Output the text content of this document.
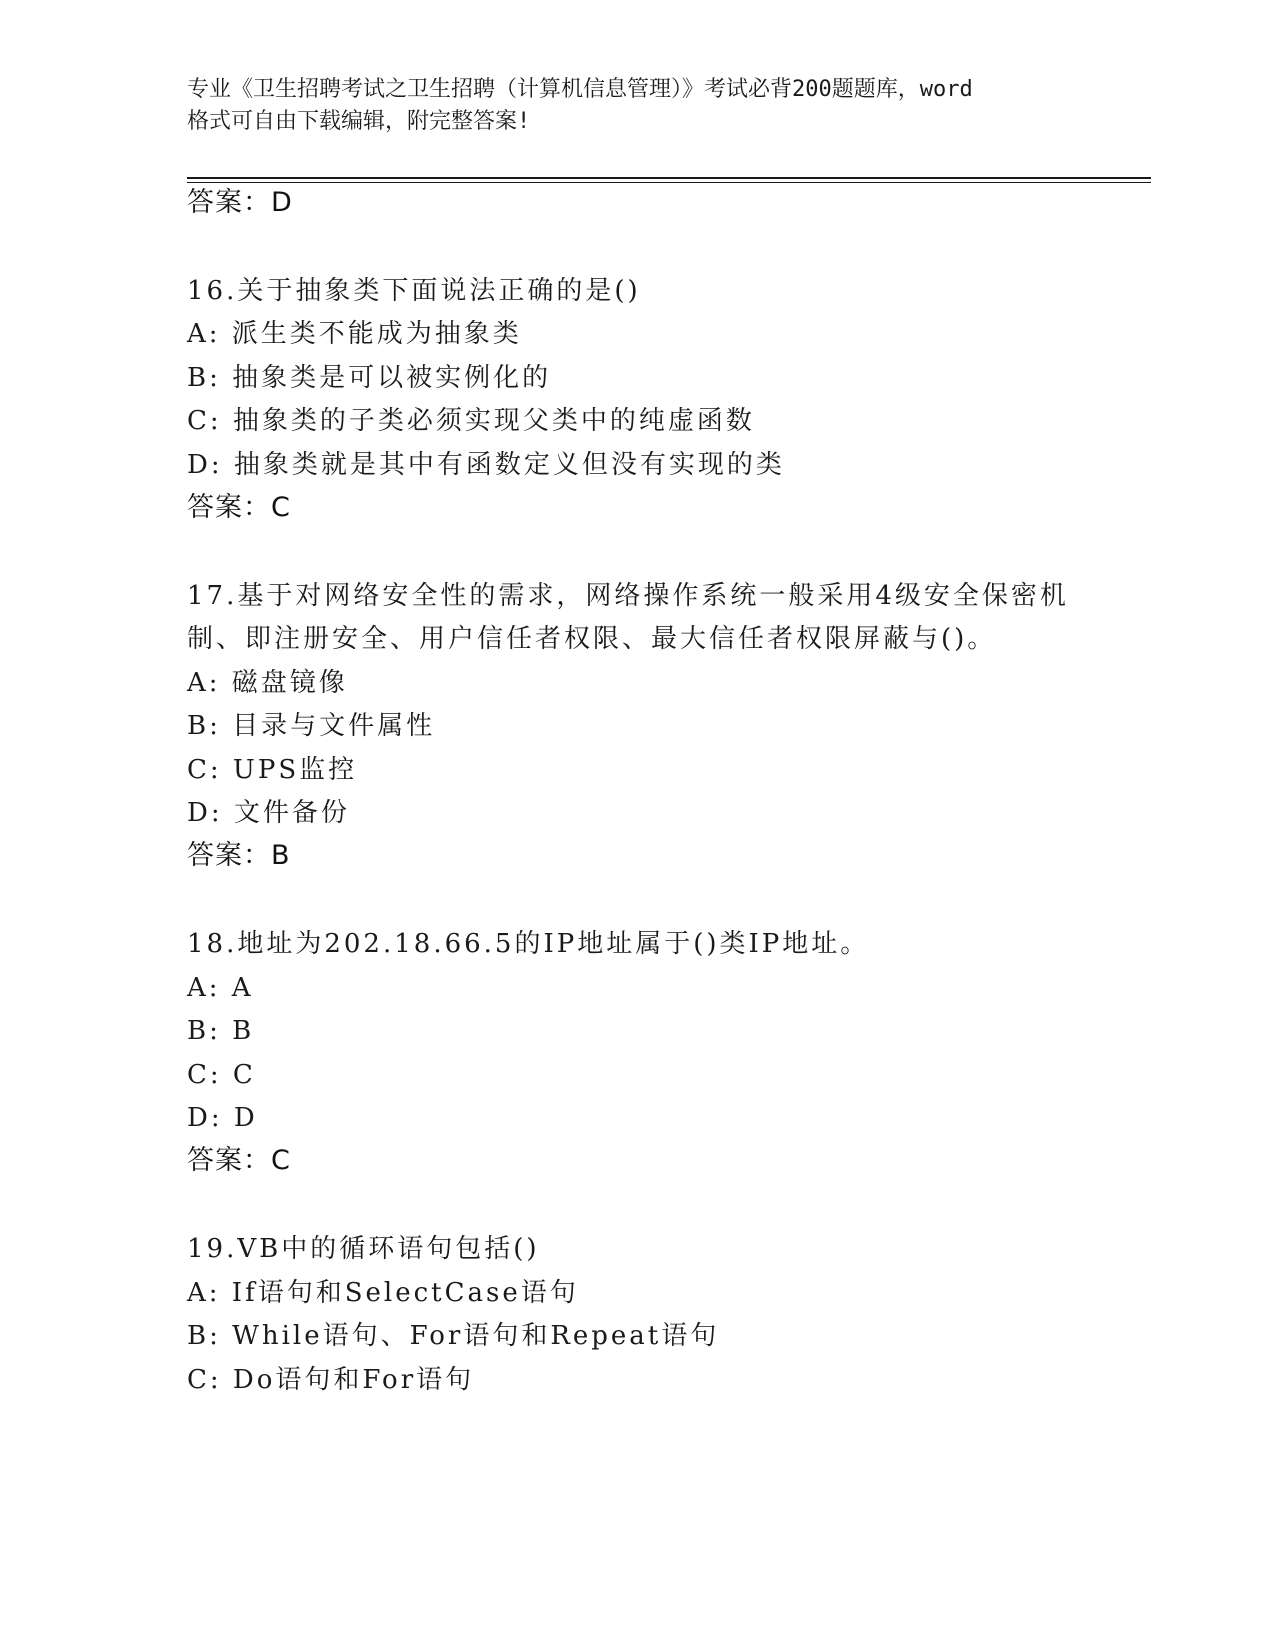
专业《卫生招聘考试之卫生招聘（计算机信息管理）》考试必背200题题库，word
格式可自由下载编辑，附完整答案!
答案：D
16.关于抽象类下面说法正确的是()
A: 派生类不能成为抽象类
B: 抽象类是可以被实例化的
C: 抽象类的子类必须实现父类中的纯虚函数
D: 抽象类就是其中有函数定义但没有实现的类
答案：C
17.基于对网络安全性的需求，网络操作系统一般采用4级安全保密机
制、即注册安全、用户信任者权限、最大信任者权限屏蔽与()。
A: 磁盘镜像
B: 目录与文件属性
C: UPS监控
D: 文件备份
答案：B
18.地址为202.18.66.5的IP地址属于()类IP地址。
A: A
B: B
C: C
D: D
答案：C
19.VB中的循环语句包括()
A: If语句和SelectCase语句
B: While语句、For语句和Repeat语句
C: Do语句和For语句
